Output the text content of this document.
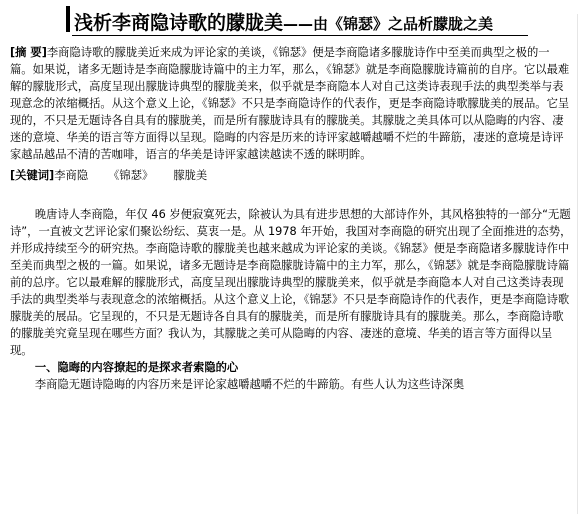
浅析李商隐诗歌的朦胧美——由《锦瑟》之品析朦胧之美
[摘 要]李商隐诗歌的朦胧美近来成为评论家的美谈，《锦瑟》便是李商隐诸多朦胧诗作中至美而典型之极的一篇。如果说，诸多无题诗是李商隐朦胧诗篇中的主力军，那么，《锦瑟》就是李商隐朦胧诗篇前的自序。它以最难解的朦胧形式，高度呈现出朦胧诗典型的朦胧美来，似乎就是李商隐本人对自己这类诗表现手法的典型类举与表现意念的浓缩概括。从这个意义上论，《锦瑟》不只是李商隐诗作的代表作，更是李商隐诗歌朦胧美的展品。它呈现的，不只是无题诗各自具有的朦胧美，而是所有朦胧诗具有的朦胧美。其朦胧之美具体可以从隐晦的内容、凄迷的意境、华美的语言等方面得以呈现。隐晦的内容是历来的诗评家越嚼越嚼不烂的牛蹄筋，凄迷的意境是诗评家越品越品不清的苦咖啡，语言的华美是诗评家越读越读不透的眯明眸。
[关键词]李商隐 《锦瑟》 朦胧美
晚唐诗人李商隐，年仅 46 岁便寂寞死去，除被认为具有进步思想的大部诗作外，其风格独特的一部分“无题诗”，一直被文艺评论家们聚讼纷纭、莫衷一是。从 1978 年开始，我国对李商隐的研究出现了全面推进的态势，并形成持续至今的研究热。李商隐诗歌的朦胧美也越来越成为评论家的美谈。《锦瑟》便是李商隐诸多朦胧诗作中至美而典型之极的一篇。如果说，诸多无题诗是李商隐朦胧诗篇中的主力军，那么，《锦瑟》就是李商隐朦胧诗篇前的总序。它以最难解的朦胧形式，高度呈现出朦胧诗典型的朦胧美来，似乎就是李商隐本人对自己这类诗表现手法的典型类举与表现意念的浓缩概括。从这个意义上论，《锦瑟》不只是李商隐诗作的代表作，更是李商隐诗歌朦胧美的展品。它呈现的，不只是无题诗各自具有的朦胧美，而是所有朦胧诗具有的朦胧美。那么，李商隐诗歌的朦胧美究竟呈现在哪些方面？我认为，其朦胧之美可从隐晦的内容、凄迷的意境、华美的语言等方面得以呈现。
一、隐晦的内容撩起的是探求者索隐的心
李商隐无题诗隐晦的内容历来是评论家越嚼越嚼不烂的牛蹄筋。有些人认为这些诗深奥
